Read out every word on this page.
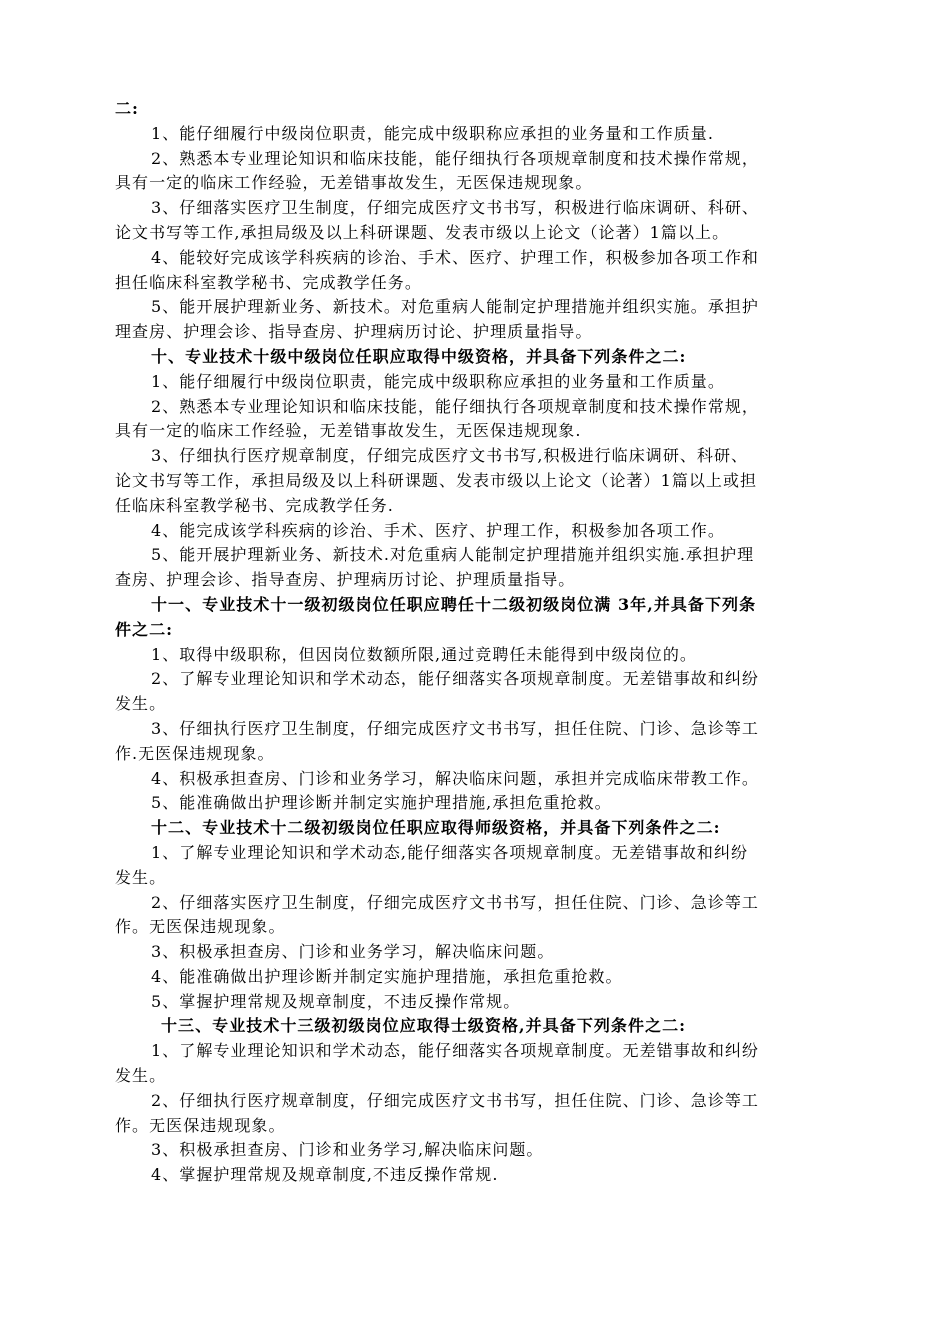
二:

1、能仔细履行中级岗位职责，能完成中级职称应承担的业务量和工作质量.

2、熟悉本专业理论知识和临床技能，能仔细执行各项规章制度和技术操作常规，

具有一定的临床工作经验，无差错事故发生，无医保违规现象。

3、仔细落实医疗卫生制度，仔细完成医疗文书书写，积极进行临床调研、科研、

论文书写等工作,承担局级及以上科研课题、发表市级以上论文（论著）1篇以上。

4、能较好完成该学科疾病的诊治、手术、医疗、护理工作，积极参加各项工作和

担任临床科室教学秘书、完成教学任务。

5、能开展护理新业务、新技术。对危重病人能制定护理措施并组织实施。承担护

理查房、护理会诊、指导查房、护理病历讨论、护理质量指导。

十、专业技术十级中级岗位任职应取得中级资格，并具备下列条件之二:

1、能仔细履行中级岗位职责，能完成中级职称应承担的业务量和工作质量。

2、熟悉本专业理论知识和临床技能，能仔细执行各项规章制度和技术操作常规，

具有一定的临床工作经验，无差错事故发生，无医保违规现象.

3、仔细执行医疗规章制度，仔细完成医疗文书书写,积极进行临床调研、科研、

论文书写等工作，承担局级及以上科研课题、发表市级以上论文（论著）1篇以上或担

任临床科室教学秘书、完成教学任务.

4、能完成该学科疾病的诊治、手术、医疗、护理工作，积极参加各项工作。

5、能开展护理新业务、新技术.对危重病人能制定护理措施并组织实施.承担护理

查房、护理会诊、指导查房、护理病历讨论、护理质量指导。

十一、专业技术十一级初级岗位任职应聘任十二级初级岗位满 3年,并具备下列条

件之二:

1、取得中级职称，但因岗位数额所限,通过竞聘任未能得到中级岗位的。

2、了解专业理论知识和学术动态，能仔细落实各项规章制度。无差错事故和纠纷

发生。

3、仔细执行医疗卫生制度，仔细完成医疗文书书写，担任住院、门诊、急诊等工

作.无医保违规现象。

4、积极承担查房、门诊和业务学习，解决临床问题，承担并完成临床带教工作。

5、能准确做出护理诊断并制定实施护理措施,承担危重抢救。

十二、专业技术十二级初级岗位任职应取得师级资格，并具备下列条件之二:

1、了解专业理论知识和学术动态,能仔细落实各项规章制度。无差错事故和纠纷

发生。

2、仔细落实医疗卫生制度，仔细完成医疗文书书写，担任住院、门诊、急诊等工

作。无医保违规现象。

3、积极承担查房、门诊和业务学习，解决临床问题。

4、能准确做出护理诊断并制定实施护理措施，承担危重抢救。

5、掌握护理常规及规章制度，不违反操作常规。

十三、专业技术十三级初级岗位应取得士级资格,并具备下列条件之二:

1、了解专业理论知识和学术动态，能仔细落实各项规章制度。无差错事故和纠纷

发生。

2、仔细执行医疗规章制度，仔细完成医疗文书书写，担任住院、门诊、急诊等工

作。无医保违规现象。

3、积极承担查房、门诊和业务学习,解决临床问题。

4、掌握护理常规及规章制度,不违反操作常规.
